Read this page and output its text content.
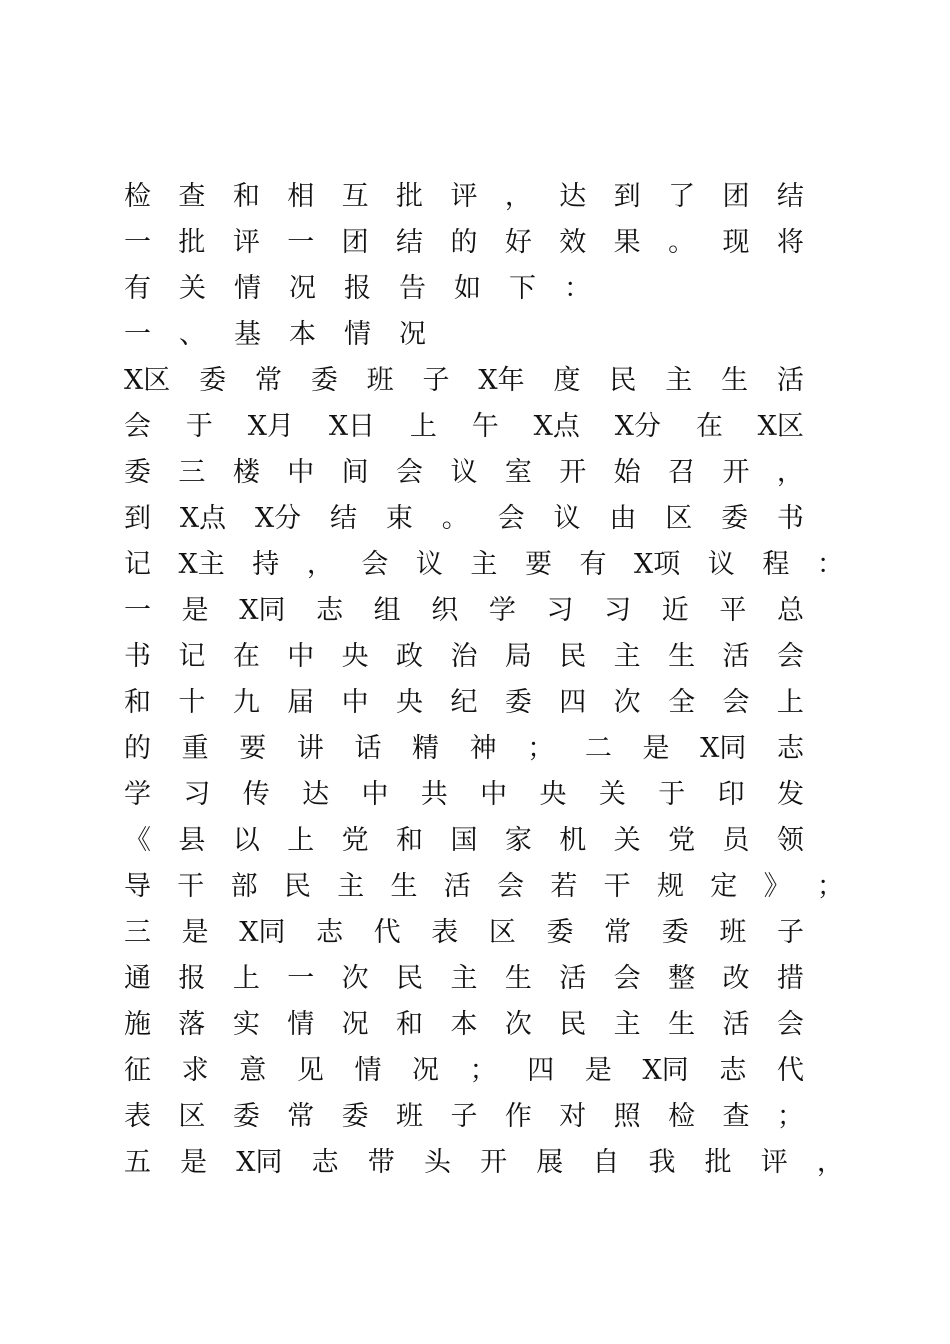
检 查 和 相 互 批 评 ， 达 到 了 团 结
一 批 评 一 团 结 的 好 效 果 。 现 将
有 关 情 况 报 告 如 下 ：
一 、 基 本 情 况
X区 委 常 委 班 子 X年 度 民 主 生 活
会 于 X月 X日 上 午 X点 X分 在 X区
委 三 楼 中 间 会 议 室 开 始 召 开 ，
到 X点 X分 结 束 。 会 议 由 区 委 书
记 X主 持 ， 会 议 主 要 有 X项 议 程 ：
一 是 X同 志 组 织 学 习 习 近 平 总
书 记 在 中 央 政 治 局 民 主 生 活 会
和 十 九 届 中 央 纪 委 四 次 全 会 上
的 重 要 讲 话 精 神 ； 二 是 X同 志
学 习 传 达 中 共 中 央 关 于 印 发
《 县 以 上 党 和 国 家 机 关 党 员 领
导 干 部 民 主 生 活 会 若 干 规 定 》 ；
三 是 X同 志 代 表 区 委 常 委 班 子
通 报 上 一 次 民 主 生 活 会 整 改 措
施 落 实 情 况 和 本 次 民 主 生 活 会
征 求 意 见 情 况 ； 四 是 X同 志 代
表 区 委 常 委 班 子 作 对 照 检 查 ；
五 是 X同 志 带 头 开 展 自 我 批 评 ，
